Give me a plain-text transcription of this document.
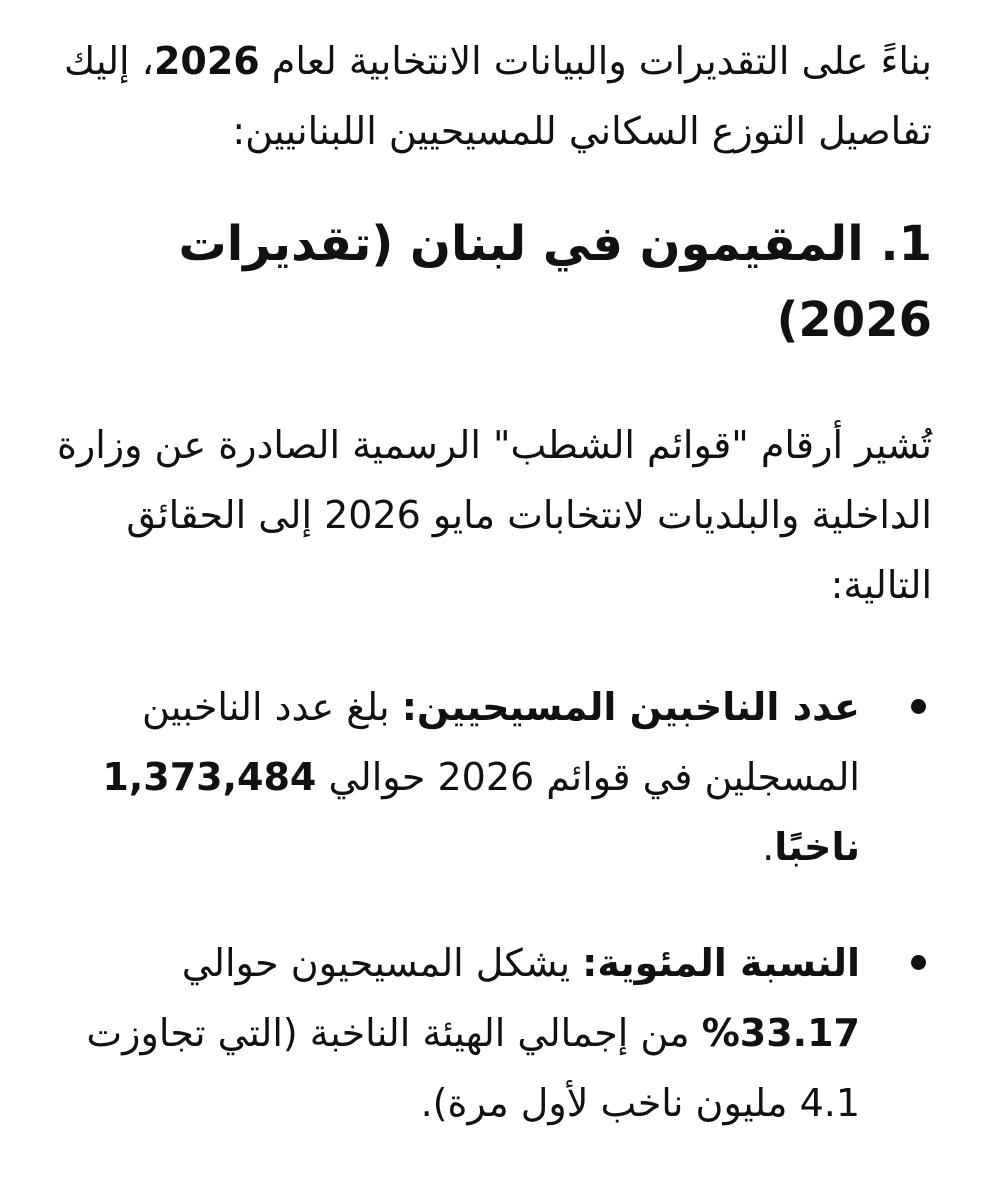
بناءً على التقديرات والبيانات الانتخابية لعام 2026، إليك تفاصيل التوزع السكاني للمسيحيين اللبنانيين:

1. المقيمون في لبنان (تقديرات 2026)

تُشير أرقام "قوائم الشطب" الرسمية الصادرة عن وزارة الداخلية والبلديات لانتخابات مايو 2026 إلى الحقائق التالية:

عدد الناخبين المسيحيين: بلغ عدد الناخبين المسجلين في قوائم 2026 حوالي 1,373,484 ناخبًا.
النسبة المئوية: يشكل المسيحيون حوالي 33.17% من إجمالي الهيئة الناخبة (التي تجاوزت 4.1 مليون ناخب لأول مرة).
